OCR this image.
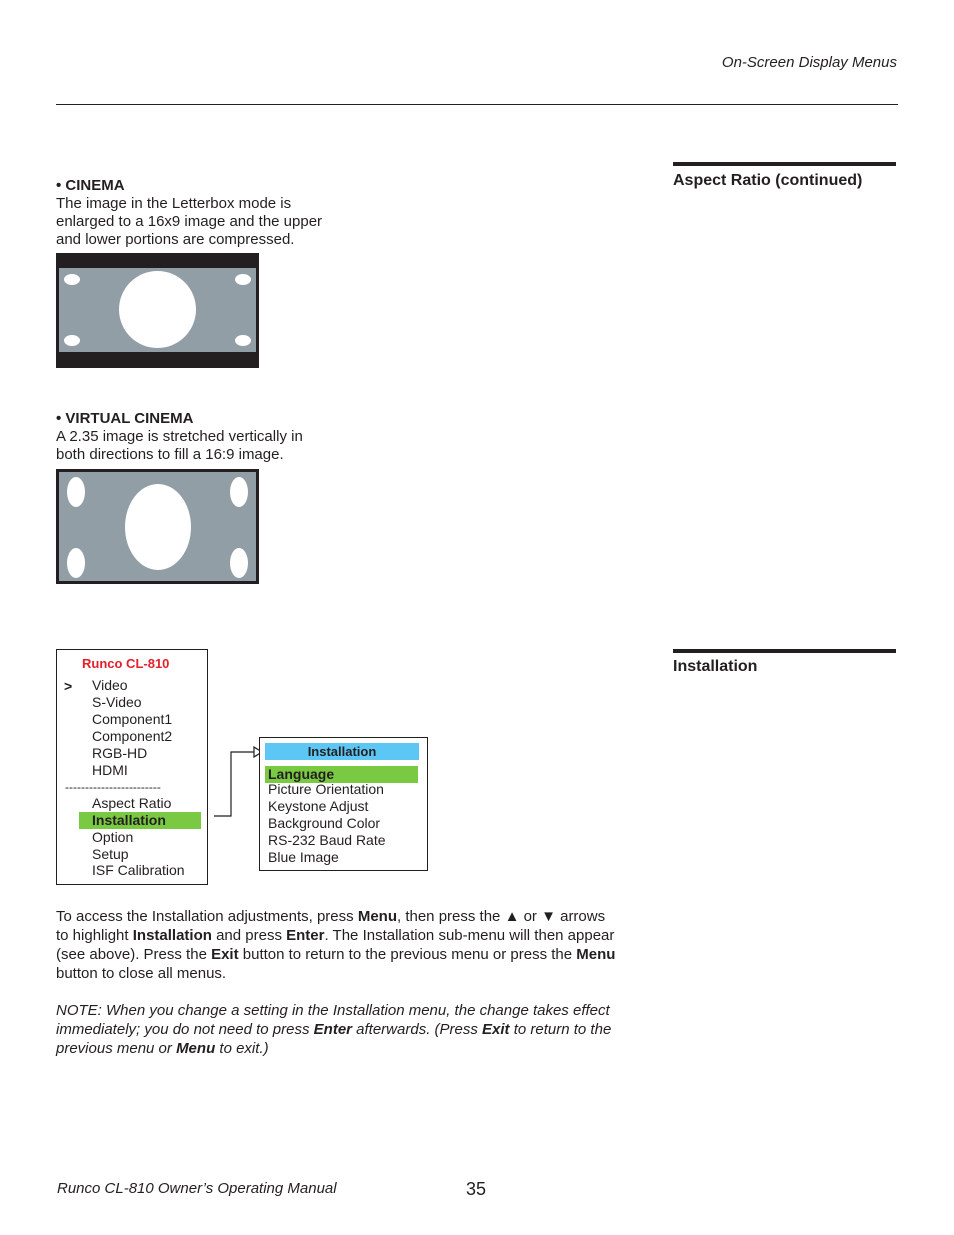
On-Screen Display Menus
Aspect Ratio (continued)
Installation
• CINEMA
The image in the Letterbox mode is
enlarged to a 16x9 image and the upper
and lower portions are compressed.
• VIRTUAL CINEMA
A 2.35 image is stretched vertically in
both directions to fill a 16:9 image.
Runco CL-810
> Video
S-Video
Component1
Component2
RGB-HD
HDMI
------------------------
Aspect Ratio
Installation
Option
Setup
ISF Calibration
Installation
Language
Picture Orientation
Keystone Adjust
Background Color
RS-232 Baud Rate
Blue Image
To access the Installation adjustments, press Menu, then press the ▲ or ▼ arrows
to highlight Installation and press Enter. The Installation sub-menu will then appear
(see above). Press the Exit button to return to the previous menu or press the Menu
button to close all menus.
NOTE: When you change a setting in the Installation menu, the change takes effect
immediately; you do not need to press Enter afterwards. (Press Exit to return to the
previous menu or Menu to exit.)
Runco CL-810 Owner’s Operating Manual	35
